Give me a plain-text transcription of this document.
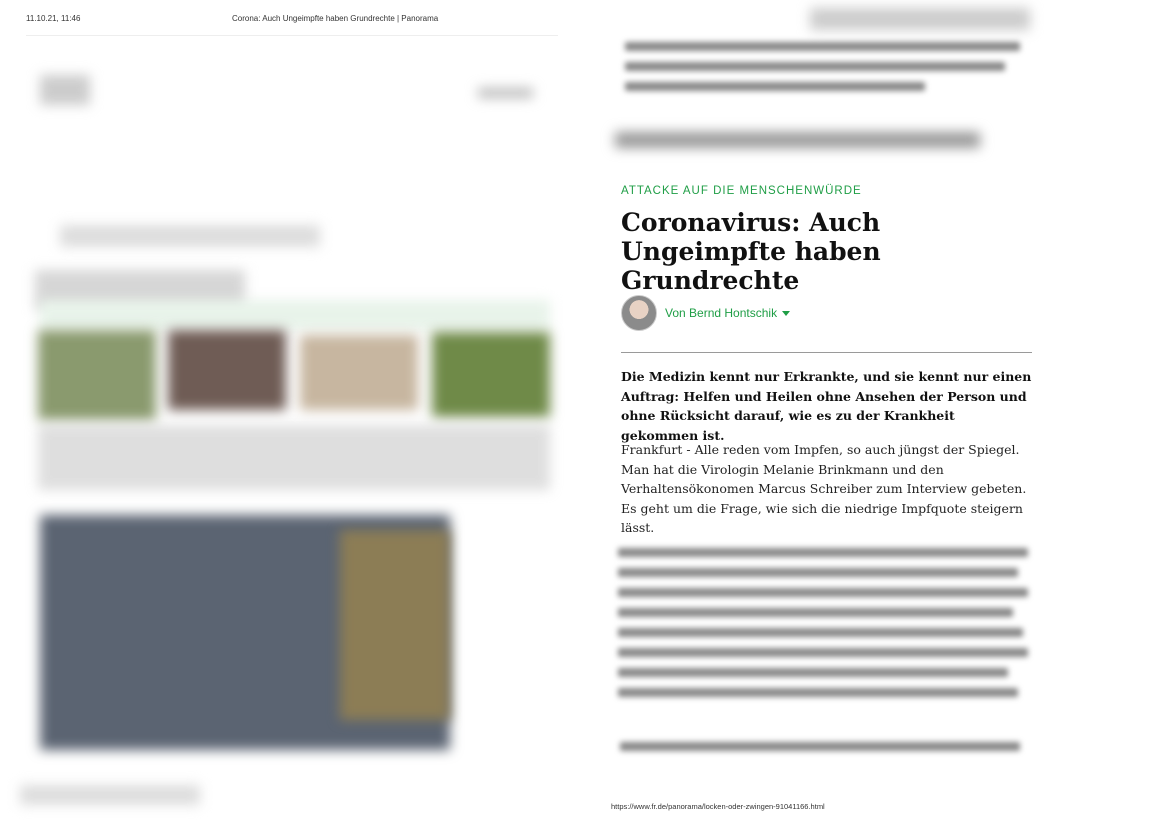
11.10.21, 11:46	Corona: Auch Ungeimpfte haben Grundrechte | Panorama
ATTACKE AUF DIE MENSCHENWÜRDE
Coronavirus: Auch Ungeimpfte haben Grundrechte
Von Bernd Hontschik

Die Medizin kennt nur Erkrankte, und sie kennt nur einen Auftrag: Helfen und Heilen ohne Ansehen der Person und ohne Rücksicht darauf, wie es zu der Krankheit gekommen ist.

Frankfurt - Alle reden vom Impfen, so auch jüngst der Spiegel. Man hat die Virologin Melanie Brinkmann und den Verhaltensökonomen Marcus Schreiber zum Interview gebeten. Es geht um die Frage, wie sich die niedrige Impfquote steigern lässt.

https://www.fr.de/panorama/locken-oder-zwingen-91041166.html
